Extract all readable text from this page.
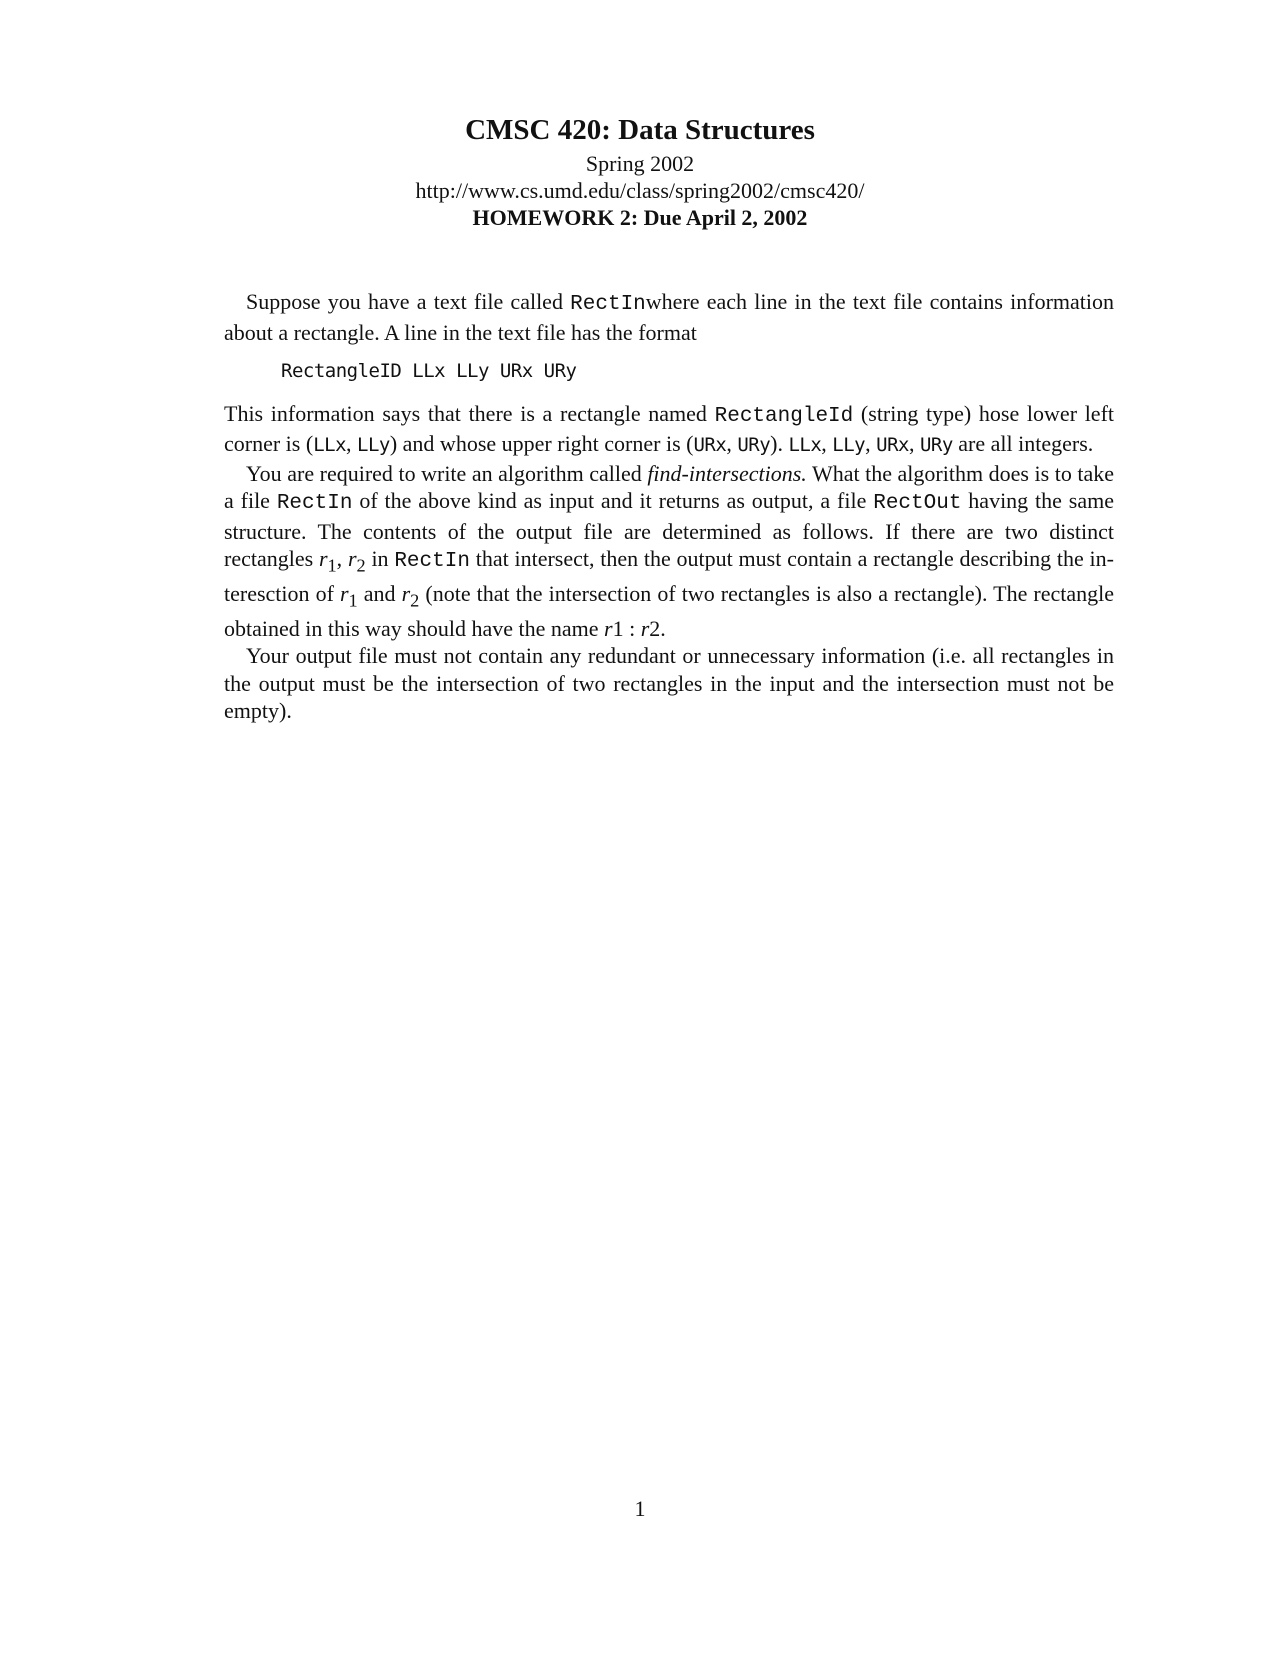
CMSC 420: Data Structures
Spring 2002
http://www.cs.umd.edu/class/spring2002/cmsc420/
HOMEWORK 2: Due April 2, 2002

Suppose you have a text file called RectInwhere each line in the text file contains information about a rectangle. A line in the text file has the format

RectangleID LLx LLy URx URy

This information says that there is a rectangle named RectangleId (string type) hose lower left corner is (LLx, LLy) and whose upper right corner is (URx, URy). LLx, LLy, URx, URy are all integers.

You are required to write an algorithm called find-intersections. What the algorithm does is to take a file RectIn of the above kind as input and it returns as output, a file RectOut having the same structure. The contents of the output file are determined as follows. If there are two distinct rectangles $r_1$, $r_2$ in RectIn that intersect, then the output must contain a rectangle describing the in-teresction of $r_1$ and $r_2$ (note that the intersection of two rectangles is also a rectangle). The rectangle obtained in this way should have the name r1 : r2.

Your output file must not contain any redundant or unnecessary information (i.e. all rectangles in the output must be the intersection of two rectangles in the input and the intersection must not be empty).

1
